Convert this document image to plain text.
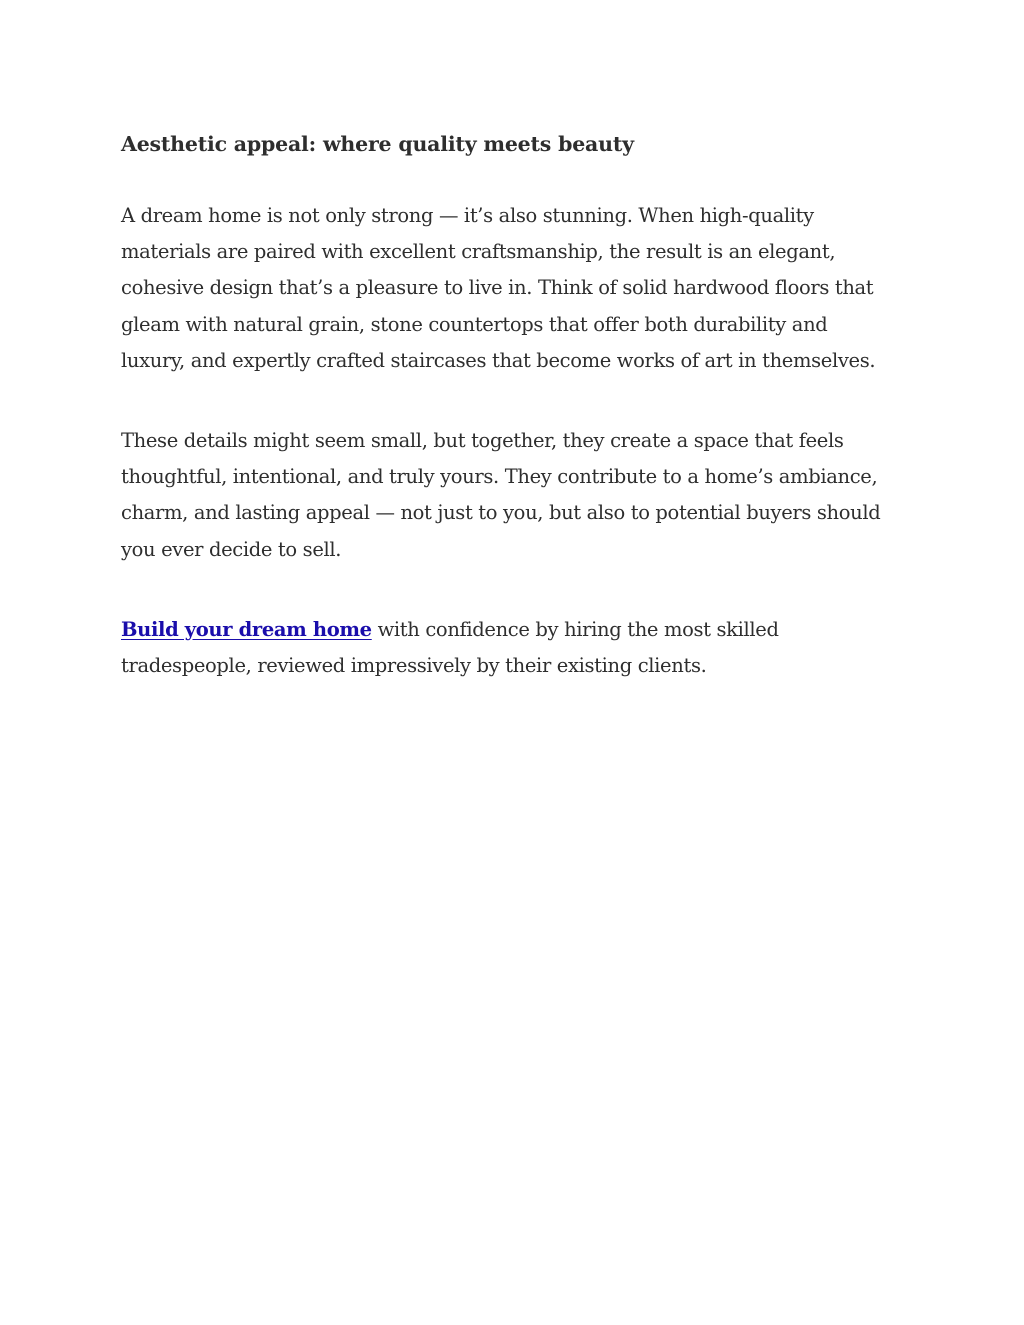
Aesthetic appeal: where quality meets beauty

A dream home is not only strong — it’s also stunning. When high-quality
materials are paired with excellent craftsmanship, the result is an elegant,
cohesive design that’s a pleasure to live in. Think of solid hardwood floors that
gleam with natural grain, stone countertops that offer both durability and
luxury, and expertly crafted staircases that become works of art in themselves.

These details might seem small, but together, they create a space that feels
thoughtful, intentional, and truly yours. They contribute to a home’s ambiance,
charm, and lasting appeal — not just to you, but also to potential buyers should
you ever decide to sell.

Build your dream home with confidence by hiring the most skilled
tradespeople, reviewed impressively by their existing clients.
